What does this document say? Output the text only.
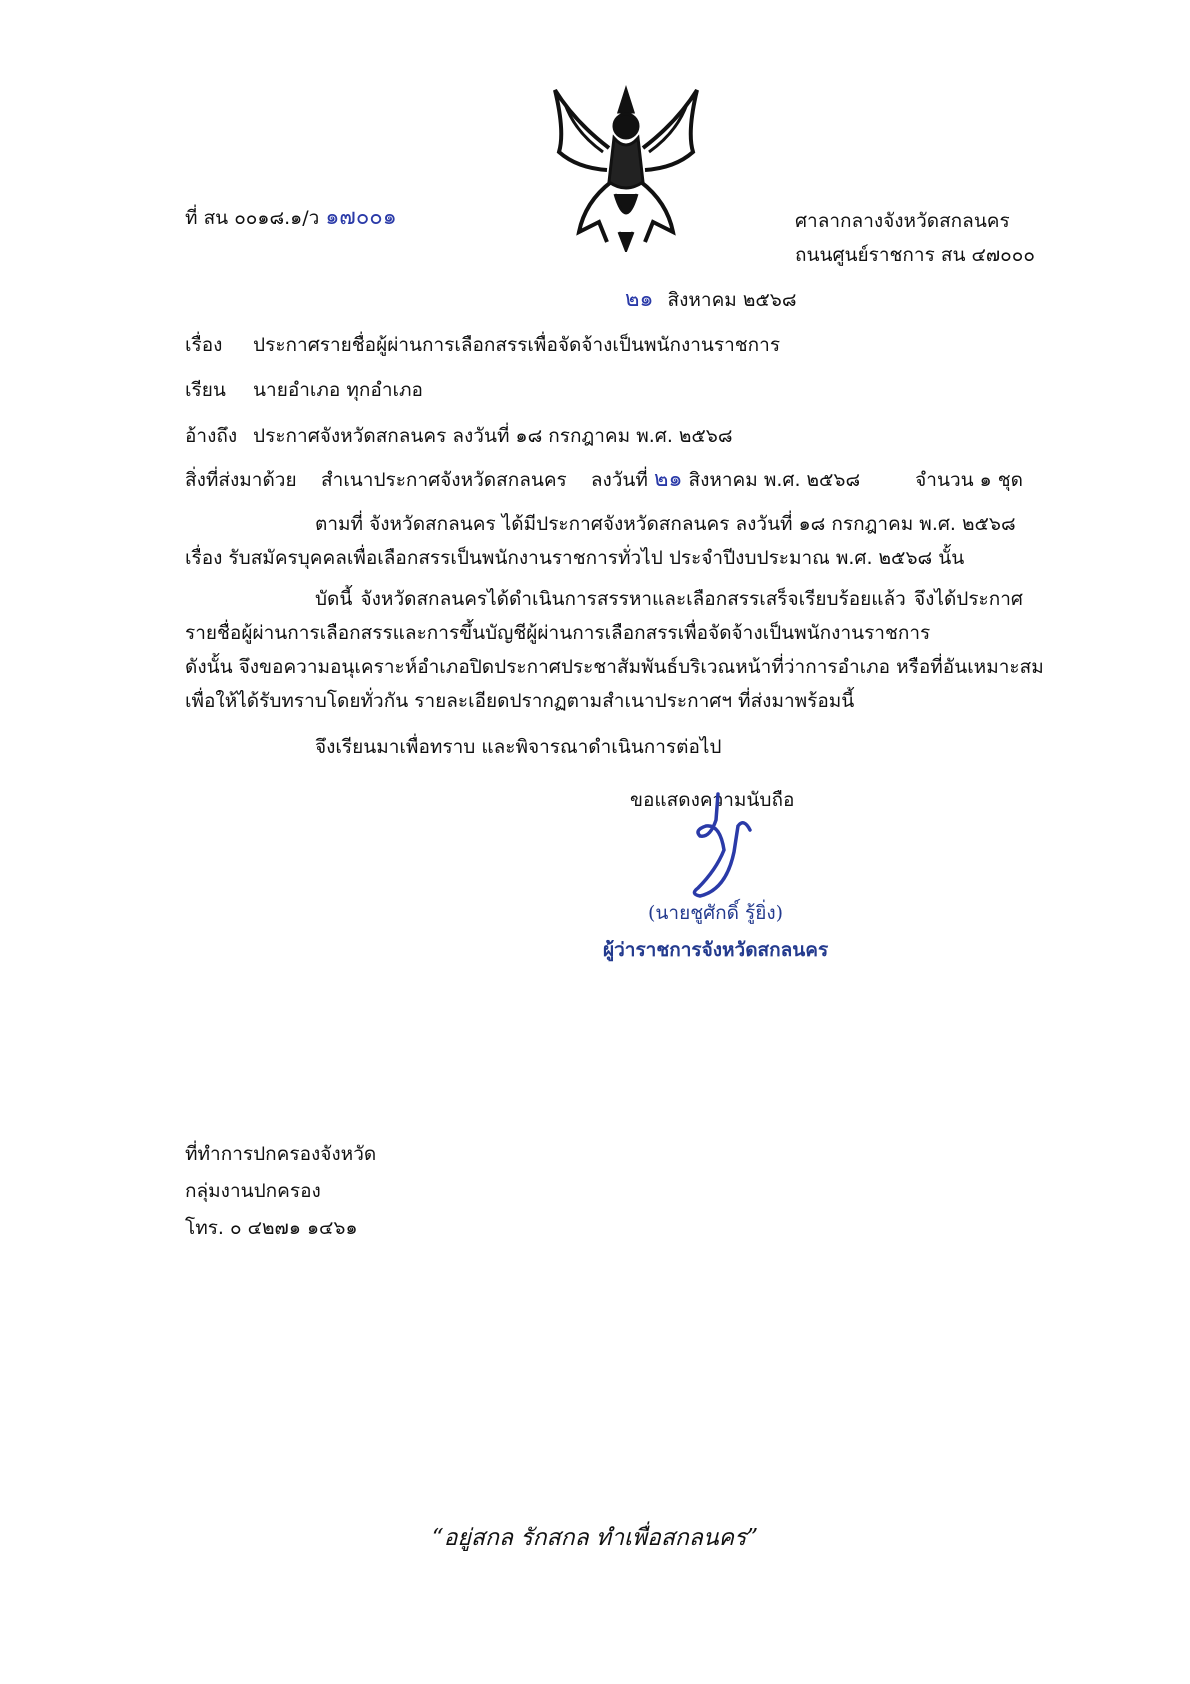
ที่ สน ๐๐๑๘.๑/ว ๑๗๐๐๑	ศาลากลางจังหวัดสกลนคร
ถนนศูนย์ราชการ สน ๔๗๐๐๐
๒๑ สิงหาคม ๒๕๖๘
เรื่อง ประกาศรายชื่อผู้ผ่านการเลือกสรรเพื่อจัดจ้างเป็นพนักงานราชการ
เรียน นายอำเภอ ทุกอำเภอ
อ้างถึง ประกาศจังหวัดสกลนคร ลงวันที่ ๑๘ กรกฎาคม พ.ศ. ๒๕๖๘
สิ่งที่ส่งมาด้วย สำเนาประกาศจังหวัดสกลนคร ลงวันที่ ๒๑ สิงหาคม พ.ศ. ๒๕๖๘	จำนวน ๑ ชุด
ตามที่ จังหวัดสกลนคร ได้มีประกาศจังหวัดสกลนคร ลงวันที่ ๑๘ กรกฎาคม พ.ศ. ๒๕๖๘
เรื่อง รับสมัครบุคคลเพื่อเลือกสรรเป็นพนักงานราชการทั่วไป ประจำปีงบประมาณ พ.ศ. ๒๕๖๘ นั้น
บัดนี้ จังหวัดสกลนครได้ดำเนินการสรรหาและเลือกสรรเสร็จเรียบร้อยแล้ว จึงได้ประกาศ
รายชื่อผู้ผ่านการเลือกสรรและการขึ้นบัญชีผู้ผ่านการเลือกสรรเพื่อจัดจ้างเป็นพนักงานราชการ
ดังนั้น จึงขอความอนุเคราะห์อำเภอปิดประกาศประชาสัมพันธ์บริเวณหน้าที่ว่าการอำเภอ หรือที่อันเหมาะสม
เพื่อให้ได้รับทราบโดยทั่วกัน รายละเอียดปรากฏตามสำเนาประกาศฯ ที่ส่งมาพร้อมนี้
จึงเรียนมาเพื่อทราบ และพิจารณาดำเนินการต่อไป
ขอแสดงความนับถือ
(นายชูศักดิ์ รู้ยิ่ง)
ผู้ว่าราชการจังหวัดสกลนคร
ที่ทำการปกครองจังหวัด
กลุ่มงานปกครอง
โทร. ๐ ๔๒๗๑ ๑๔๖๑
“อยู่สกล รักสกล ทำเพื่อสกลนคร”
